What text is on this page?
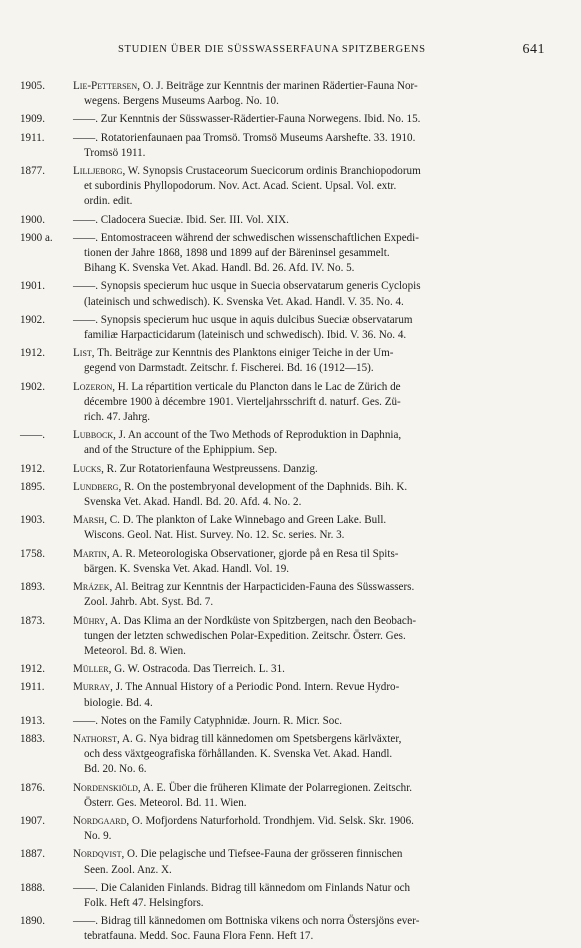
STUDIEN ÜBER DIE SÜSSWASSERFAUNA SPITZBERGENS	641
1905.	Lie-Pettersen, O. J. Beiträge zur Kenntnis der marinen Rädertier-Fauna Nor-
wegens. Bergens Museums Aarbog. No. 10.
1909.	——. Zur Kenntnis der Süsswasser-Rädertier-Fauna Norwegens. Ibid. No. 15.
1911.	——. Rotatorienfaunaen paa Tromsö. Tromsö Museums Aarshefte. 33. 1910.
Tromsö 1911.
1877.	Lilljeborg, W. Synopsis Crustaceorum Suecicorum ordinis Branchiopodorum
et subordinis Phyllopodorum. Nov. Act. Acad. Scient. Upsal. Vol. extr.
ordin. edit.
1900.	——. Cladocera Sueciæ. Ibid. Ser. III. Vol. XIX.
1900 a. ——. Entomostraceen während der schwedischen wissenschaftlichen Expedi-
tionen der Jahre 1868, 1898 und 1899 auf der Bäreninsel gesammelt.
Bihang K. Svenska Vet. Akad. Handl. Bd. 26. Afd. IV. No. 5.
1901.	——. Synopsis specierum huc usque in Suecia observatarum generis Cyclopis
(lateinisch und schwedisch). K. Svenska Vet. Akad. Handl. V. 35. No. 4.
1902.	——. Synopsis specierum huc usque in aquis dulcibus Sueciæ observatarum
familiæ Harpacticidarum (lateinisch und schwedisch). Ibid. V. 36. No. 4.
1912.	List, Th. Beiträge zur Kenntnis des Planktons einiger Teiche in der Um-
gegend von Darmstadt. Zeitschr. f. Fischerei. Bd. 16 (1912—15).
1902.	Lozeron, H. La répartition verticale du Plancton dans le Lac de Zürich de
décembre 1900 à décembre 1901. Vierteljahrsschrift d. naturf. Ges. Zü-
rich. 47. Jahrg.
——.	Lubbock, J. An account of the Two Methods of Reproduktion in Daphnia,
and of the Structure of the Ephippium. Sep.
1912.	Lucks, R. Zur Rotatorienfauna Westpreussens. Danzig.
1895.	Lundberg, R. On the postembryonal development of the Daphnids. Bih. K.
Svenska Vet. Akad. Handl. Bd. 20. Afd. 4. No. 2.
1903.	Marsh, C. D. The plankton of Lake Winnebago and Green Lake. Bull.
Wiscons. Geol. Nat. Hist. Survey. No. 12. Sc. series. Nr. 3.
1758.	Martin, A. R. Meteorologiska Observationer, gjorde på en Resa til Spits-
bärgen. K. Svenska Vet. Akad. Handl. Vol. 19.
1893.	Mrázek, Al. Beitrag zur Kenntnis der Harpacticiden-Fauna des Süsswassers.
Zool. Jahrb. Abt. Syst. Bd. 7.
1873.	Mühry, A. Das Klima an der Nordküste von Spitzbergen, nach den Beobach-
tungen der letzten schwedischen Polar-Expedition. Zeitschr. Österr. Ges.
Meteorol. Bd. 8. Wien.
1912.	Müller, G. W. Ostracoda. Das Tierreich. L. 31.
1911.	Murray, J. The Annual History of a Periodic Pond. Intern. Revue Hydro-
biologie. Bd. 4.
1913.	——. Notes on the Family Catyphnidæ. Journ. R. Micr. Soc.
1883.	Nathorst, A. G. Nya bidrag till kännedomen om Spetsbergens kärlväxter,
och dess växtgeografiska förhållanden. K. Svenska Vet. Akad. Handl.
Bd. 20. No. 6.
1876.	Nordenskiöld, A. E. Über die früheren Klimate der Polarregionen. Zeitschr.
Österr. Ges. Meteorol. Bd. 11. Wien.
1907.	Nordgaard, O. Mofjordens Naturforhold. Trondhjem. Vid. Selsk. Skr. 1906.
No. 9.
1887.	Nordqvist, O. Die pelagische und Tiefsee-Fauna der grösseren finnischen
Seen. Zool. Anz. X.
1888.	——. Die Calaniden Finlands. Bidrag till kännedom om Finlands Natur och
Folk. Heft 47. Helsingfors.
1890.	——. Bidrag till kännedomen om Bottniska vikens och norra Östersjöns ever-
tebratfauna. Medd. Soc. Fauna Flora Fenn. Heft 17.
